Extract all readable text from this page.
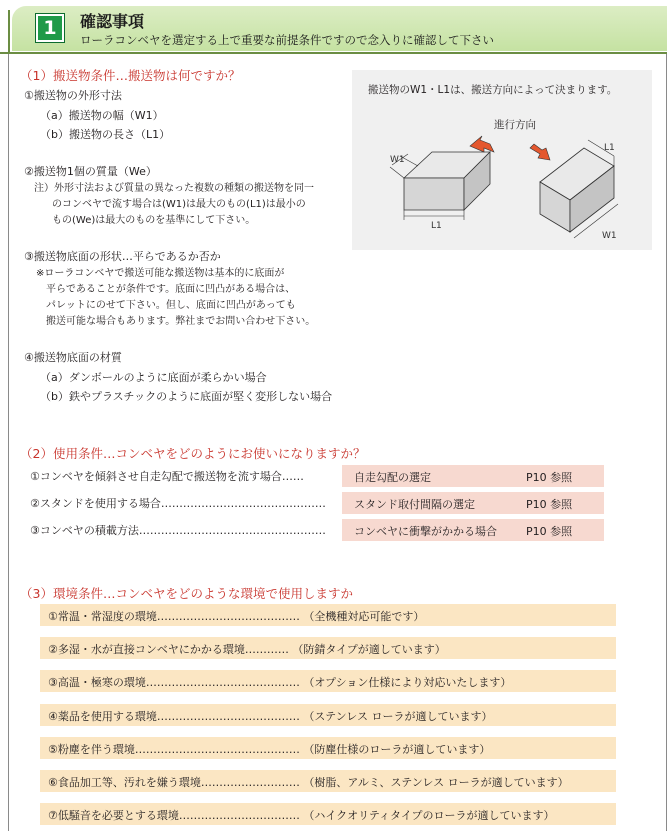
1	確認事項
ローラコンベヤを選定する上で重要な前提条件ですので念入りに確認して下さい
（1）搬送物条件…搬送物は何ですか？
①搬送物の外形寸法
（a）搬送物の幅（W1）
（b）搬送物の長さ（L1）
②搬送物1個の質量（We）
注）外形寸法および質量の異なった複数の種類の搬送物を同一
のコンベヤで流す場合は(W1)は最大のもの(L1)は最小の
もの(We)は最大のものを基準にして下さい。
③搬送物底面の形状…平らであるか否か
※ローラコンベヤで搬送可能な搬送物は基本的に底面が
平らであることが条件です。底面に凹凸がある場合は、
パレットにのせて下さい。但し、底面に凹凸があっても
搬送可能な場合もあります。弊社までお問い合わせ下さい。
④搬送物底面の材質
（a）ダンボールのように底面が柔らかい場合
（b）鉄やプラスチックのように底面が堅く変形しない場合
搬送物のW1・L1は、搬送方向によって決まります。
W1
L1
L1
W1
進行方向
（2）使用条件…コンベヤをどのようにお使いになりますか？
①コンベヤを傾斜させ自走勾配で搬送物を流す場合……	自走勾配の選定	P10 参照
②スタンドを使用する場合………………………………………	スタンド取付間隔の選定	P10 参照
③コンベヤの積載方法……………………………………………	コンベヤに衝撃がかかる場合	P10 参照
（3）環境条件…コンベヤをどのような環境で使用しますか
①常温・常湿度の環境………………………………… （全機種対応可能です）
②多湿・水が直接コンベヤにかかる環境………… （防錆タイプが適しています）
③高温・極寒の環境…………………………………… （オプション仕様により対応いたします）
④薬品を使用する環境………………………………… （ステンレス ローラが適しています）
⑤粉塵を伴う環境……………………………………… （防塵仕様のローラが適しています）
⑥食品加工等、汚れを嫌う環境……………………… （樹脂、アルミ、ステンレス ローラが適しています）
⑦低騒音を必要とする環境…………………………… （ハイクオリティタイプのローラが適しています）
